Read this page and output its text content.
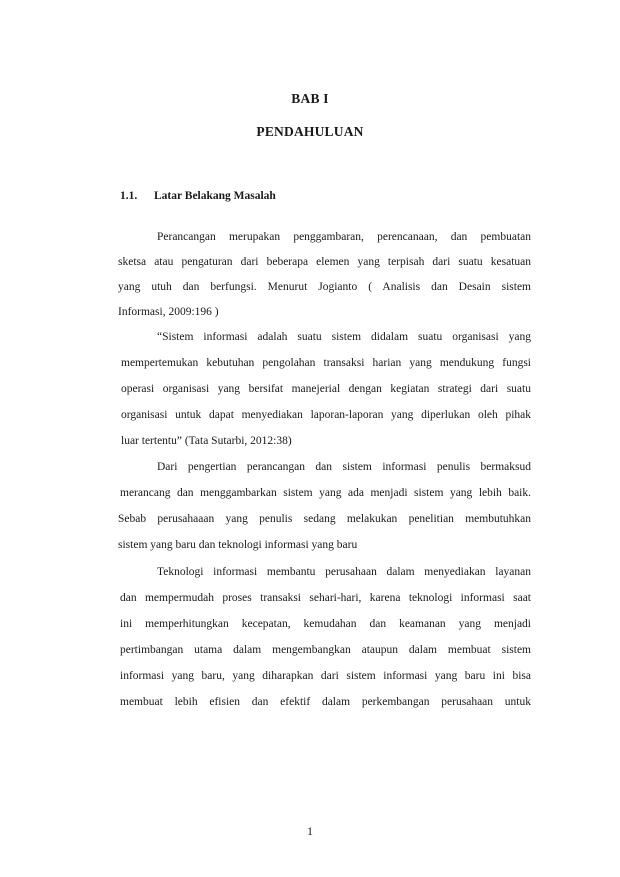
BAB I
PENDAHULUAN
1.1. Latar Belakang Masalah
Perancangan merupakan penggambaran, perencanaan, dan pembuatan
sketsa atau pengaturan dari beberapa elemen yang terpisah dari suatu kesatuan
yang utuh dan berfungsi. Menurut Jogianto ( Analisis dan Desain sistem
Informasi, 2009:196 )
“Sistem informasi adalah suatu sistem didalam suatu organisasi yang
mempertemukan kebutuhan pengolahan transaksi harian yang mendukung fungsi
operasi organisasi yang bersifat manejerial dengan kegiatan strategi dari suatu
organisasi untuk dapat menyediakan laporan-laporan yang diperlukan oleh pihak
luar tertentu” (Tata Sutarbi, 2012:38)
Dari pengertian perancangan dan sistem informasi penulis bermaksud
merancang dan menggambarkan sistem yang ada menjadi sistem yang lebih baik.
Sebab perusahaaan yang penulis sedang melakukan penelitian membutuhkan
sistem yang baru dan teknologi informasi yang baru
Teknologi informasi membantu perusahaan dalam menyediakan layanan
dan mempermudah proses transaksi sehari-hari, karena teknologi informasi saat
ini memperhitungkan kecepatan, kemudahan dan keamanan yang menjadi
pertimbangan utama dalam mengembangkan ataupun dalam membuat sistem
informasi yang baru, yang diharapkan dari sistem informasi yang baru ini bisa
membuat lebih efisien dan efektif dalam perkembangan perusahaan untuk
1
